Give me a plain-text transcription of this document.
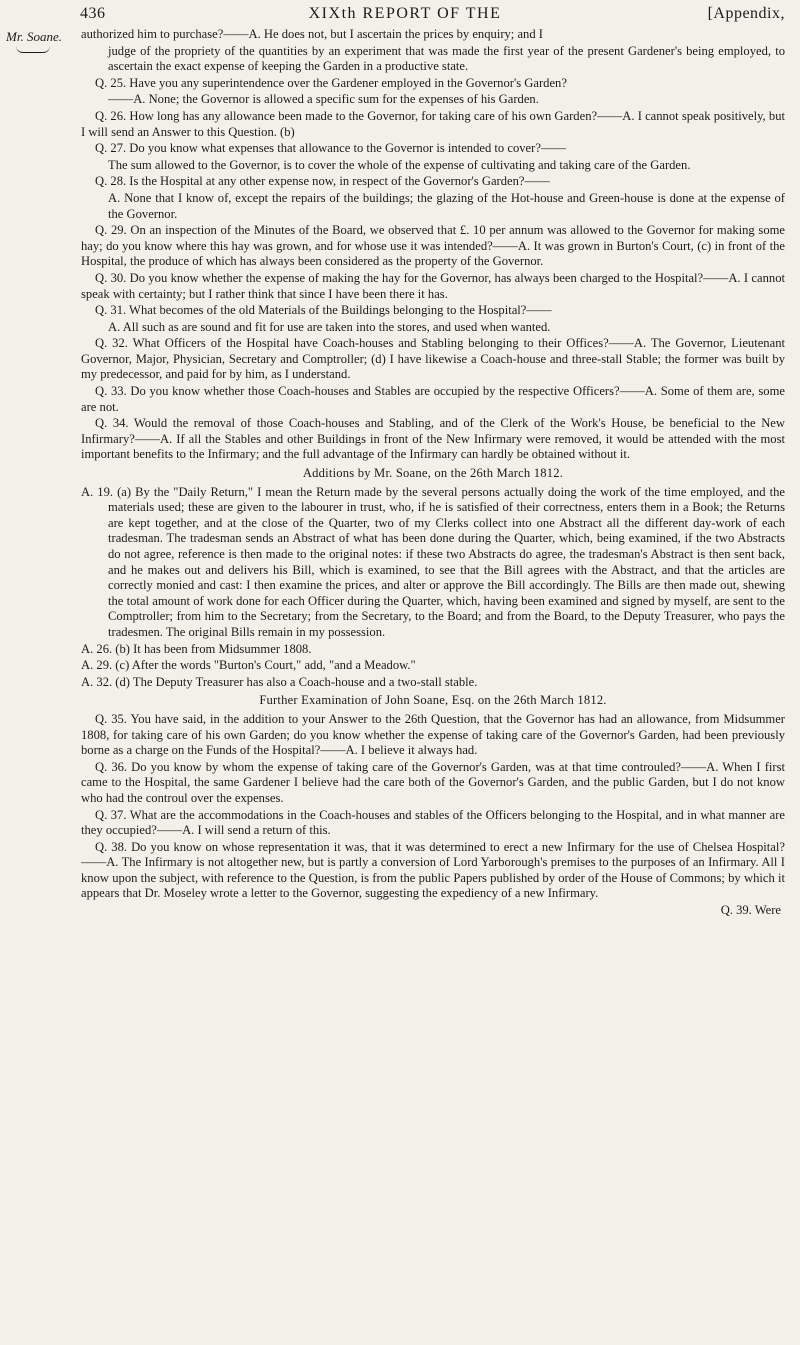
436	XIXth REPORT OF THE	[Appendix,
Mr. Soane.	authorized him to purchase?——A. He does not, but I ascertain the prices by enquiry; and I

judge of the propriety of the quantities by an experiment that was made the first year of the present Gardener's being employed, to ascertain the exact expense of keeping the Garden in a productive state.

Q. 25. Have you any superintendence over the Gardener employed in the Governor's Garden?

——A. None; the Governor is allowed a specific sum for the expenses of his Garden.

Q. 26. How long has any allowance been made to the Governor, for taking care of his own Garden?——A. I cannot speak positively, but I will send an Answer to this Question. (b)

Q. 27. Do you know what expenses that allowance to the Governor is intended to cover?——

The sum allowed to the Governor, is to cover the whole of the expense of cultivating and taking care of the Garden.

Q. 28. Is the Hospital at any other expense now, in respect of the Governor's Garden?——

A. None that I know of, except the repairs of the buildings; the glazing of the Hot-house and Green-house is done at the expense of the Governor.

Q. 29. On an inspection of the Minutes of the Board, we observed that £. 10 per annum was allowed to the Governor for making some hay; do you know where this hay was grown, and for whose use it was intended?——A. It was grown in Burton's Court, (c) in front of the Hospital, the produce of which has always been considered as the property of the Governor.

Q. 30. Do you know whether the expense of making the hay for the Governor, has always been charged to the Hospital?——A. I cannot speak with certainty; but I rather think that since I have been there it has.

Q. 31. What becomes of the old Materials of the Buildings belonging to the Hospital?——

A. All such as are sound and fit for use are taken into the stores, and used when wanted.

Q. 32. What Officers of the Hospital have Coach-houses and Stabling belonging to their Offices?——A. The Governor, Lieutenant Governor, Major, Physician, Secretary and Comptroller; (d) I have likewise a Coach-house and three-stall Stable; the former was built by my predecessor, and paid for by him, as I understand.

Q. 33. Do you know whether those Coach-houses and Stables are occupied by the respective Officers?——A. Some of them are, some are not.

Q. 34. Would the removal of those Coach-houses and Stabling, and of the Clerk of the Work's House, be beneficial to the New Infirmary?——A. If all the Stables and other Buildings in front of the New Infirmary were removed, it would be attended with the most important benefits to the Infirmary; and the full advantage of the Infirmary can hardly be obtained without it.

Additions by Mr. Soane, on the 26th March 1812.

A. 19. (a) By the "Daily Return," I mean the Return made by the several persons actually doing the work of the time employed, and the materials used; these are given to the labourer in trust, who, if he is satisfied of their correctness, enters them in a Book; the Returns are kept together, and at the close of the Quarter, two of my Clerks collect into one Abstract all the different day-work of each tradesman. The tradesman sends an Abstract of what has been done during the Quarter, which, being examined, if the two Abstracts do not agree, reference is then made to the original notes: if these two Abstracts do agree, the tradesman's Abstract is then sent back, and he makes out and delivers his Bill, which is examined, to see that the Bill agrees with the Abstract, and that the articles are correctly monied and cast: I then examine the prices, and alter or approve the Bill accordingly. The Bills are then made out, shewing the total amount of work done for each Officer during the Quarter, which, having been examined and signed by myself, are sent to the Comptroller; from him to the Secretary; from the Secretary, to the Board; and from the Board, to the Deputy Treasurer, who pays the tradesmen. The original Bills remain in my possession.

A. 26. (b) It has been from Midsummer 1808.

A. 29. (c) After the words "Burton's Court," add, "and a Meadow."

A. 32. (d) The Deputy Treasurer has also a Coach-house and a two-stall stable.

Further Examination of John Soane, Esq. on the 26th March 1812.

Q. 35. You have said, in the addition to your Answer to the 26th Question, that the Governor has had an allowance, from Midsummer 1808, for taking care of his own Garden; do you know whether the expense of taking care of the Governor's Garden, had been previously borne as a charge on the Funds of the Hospital?——A. I believe it always had.

Q. 36. Do you know by whom the expense of taking care of the Governor's Garden, was at that time controuled?——A. When I first came to the Hospital, the same Gardener I believe had the care both of the Governor's Garden, and the public Garden, but I do not know who had the controul over the expenses.

Q. 37. What are the accommodations in the Coach-houses and stables of the Officers belonging to the Hospital, and in what manner are they occupied?——A. I will send a return of this.

Q. 38. Do you know on whose representation it was, that it was determined to erect a new Infirmary for the use of Chelsea Hospital?——A. The Infirmary is not altogether new, but is partly a conversion of Lord Yarborough's premises to the purposes of an Infirmary. All I know upon the subject, with reference to the Question, is from the public Papers published by order of the House of Commons; by which it appears that Dr. Moseley wrote a letter to the Governor, suggesting the expediency of a new Infirmary.

Q. 39. Were
